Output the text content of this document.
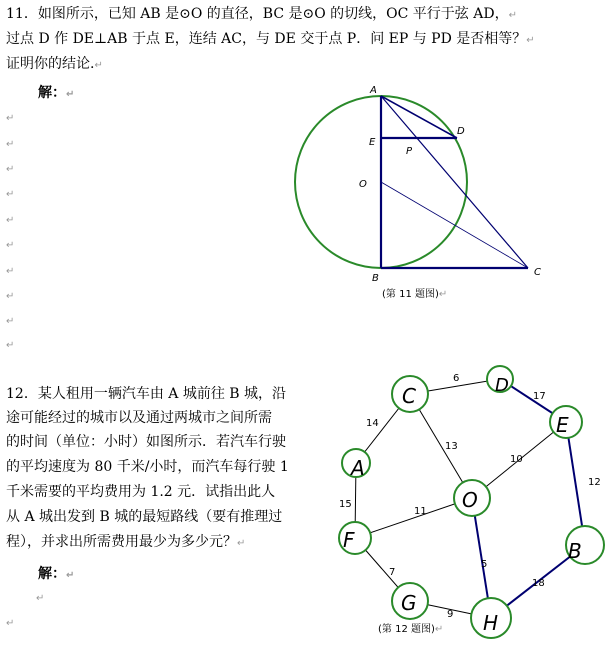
11．如图所示，已知 AB 是⊙O 的直径，BC 是⊙O 的切线，OC 平行于弦 AD，↵
过点 D 作 DE⊥AB 于点 E，连结 AC，与 DE 交于点 P．问 EP 与 PD 是否相等？↵
证明你的结论.↵
解：↵
↵
↵
↵
↵
↵
↵
↵
↵
↵
↵
A
D
E
P
O
B
C
(第 11 题图)↵
12．某人租用一辆汽车由 A 城前往 B 城，沿
途可能经过的城市以及通过两城市之间所需
的时间（单位：小时）如图所示．若汽车行驶
的平均速度为 80 千米/小时，而汽车每行驶 1
千米需要的平均费用为 1.2 元．试指出此人
从 A 城出发到 B 城的最短路线（要有推理过
程），并求出所需费用最少为多少元？↵
解：↵
↵
↵
C	D
E
A
O
F	B
G
H
6
17
14
13
10
12
15
11
5
7
9
18
(第 12 题图)↵
